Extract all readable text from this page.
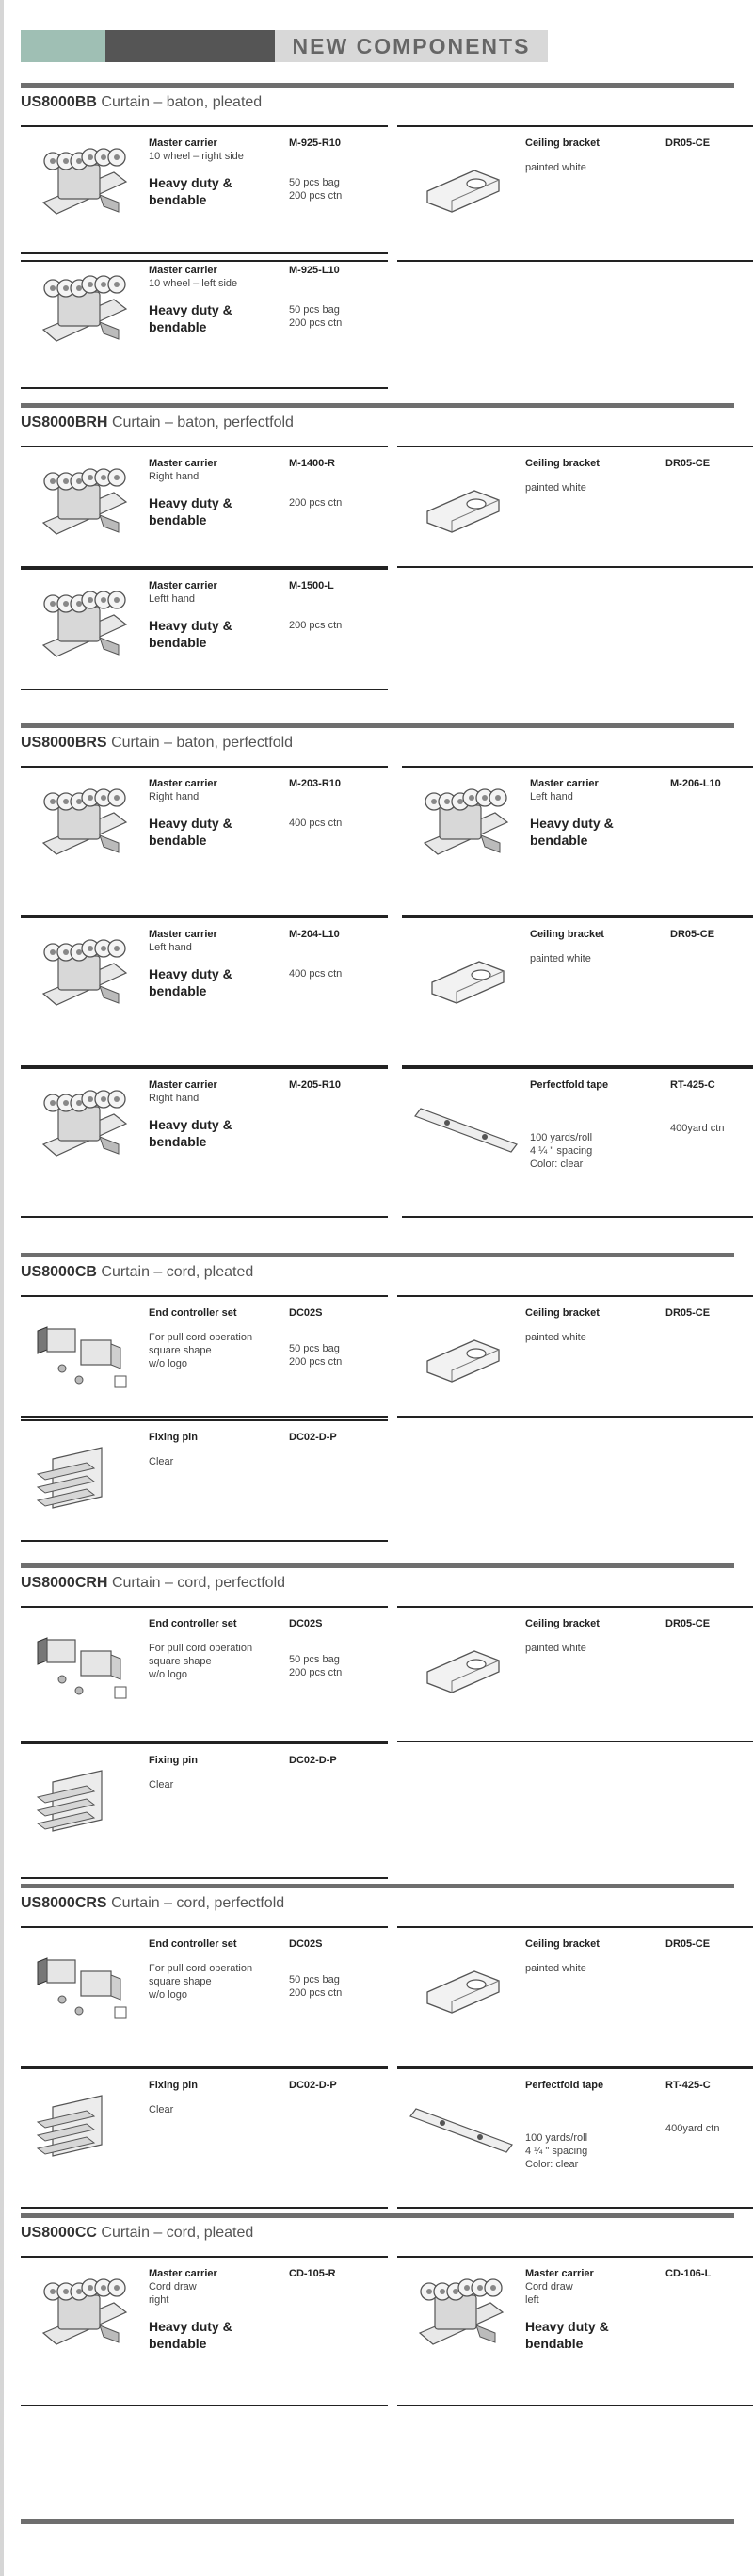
NEW COMPONENTS
US8000BB Curtain – baton, pleated
Master carrier	M-925-R10
10 wheel – right side
Heavy duty &
bendable
50 pcs bag
200 pcs ctn
Ceiling bracket	DR05-CE
painted white
Master carrier	M-925-L10
10 wheel – left side
Heavy duty &
bendable
50 pcs bag
200 pcs ctn
US8000BRH Curtain – baton, perfectfold
Master carrier	M-1400-R
Right hand
Heavy duty &
bendable
200 pcs ctn
Ceiling bracket	DR05-CE
painted white
Master carrier	M-1500-L
Leftt hand
Heavy duty &
bendable
200 pcs ctn
US8000BRS Curtain – baton, perfectfold
Master carrier	M-203-R10
Right hand
Heavy duty &
bendable
400 pcs ctn
Master carrier	M-206-L10
Left hand
Heavy duty &
bendable
Master carrier	M-204-L10
Left hand
Heavy duty &
bendable
400 pcs ctn
Ceiling bracket	DR05-CE
painted white
Master carrier	M-205-R10
Right hand
Heavy duty &
bendable
Perfectfold tape	RT-425-C
100 yards/roll
4 ¼ " spacing
Color: clear
400yard ctn
US8000CB Curtain – cord, pleated
End controller set	DC02S
For pull cord operation
square shape
w/o logo
50 pcs bag
200 pcs ctn
Ceiling bracket	DR05-CE
painted white
Fixing pin	DC02-D-P
Clear
US8000CRH Curtain – cord, perfectfold
End controller set	DC02S
For pull cord operation
square shape
w/o logo
50 pcs bag
200 pcs ctn
Ceiling bracket	DR05-CE
painted white
Fixing pin	DC02-D-P
Clear
US8000CRS Curtain – cord, perfectfold
End controller set	DC02S
For pull cord operation
square shape
w/o logo
50 pcs bag
200 pcs ctn
Ceiling bracket	DR05-CE
painted white
Fixing pin	DC02-D-P
Clear
Perfectfold tape	RT-425-C
100 yards/roll
4 ¼ " spacing
Color: clear
400yard ctn
US8000CC Curtain – cord, pleated
Master carrier	CD-105-R
Cord draw
right
Heavy duty &
bendable
Master carrier	CD-106-L
Cord draw
left
Heavy duty &
bendable
